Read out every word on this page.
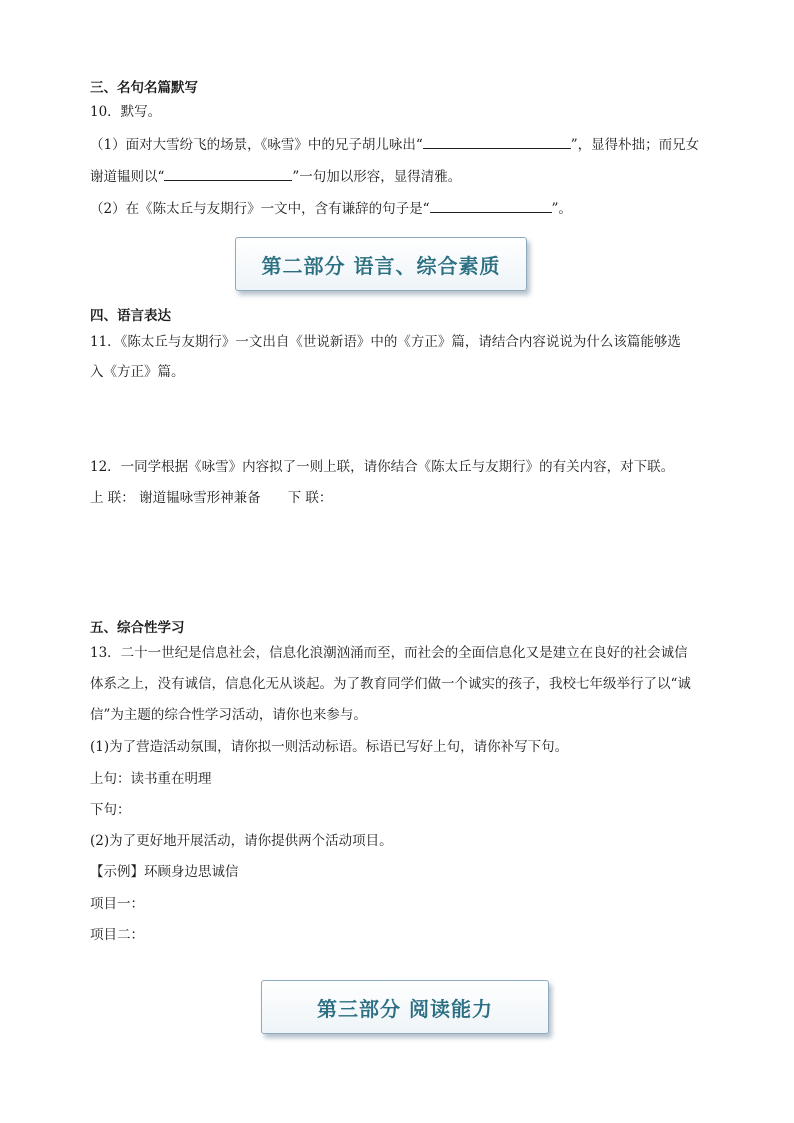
三、名句名篇默写
10．默写。
（1）面对大雪纷飞的场景，《咏雪》中的兄子胡儿咏出“	”，显得朴拙；而兄女
谢道韫则以“	”一句加以形容，显得清雅。
（2）在《陈太丘与友期行》一文中，含有谦辞的句子是“	”。
第二部分 语言、综合素质
四、语言表达
11．《陈太丘与友期行》一文出自《世说新语》中的《方正》篇，请结合内容说说为什么该篇能够选
入《方正》篇。
12．一同学根据《咏雪》内容拟了一则上联，请你结合《陈太丘与友期行》的有关内容，对下联。
上 联： 谢道韫咏雪形神兼备　　下 联：
五、综合性学习
13．二十一世纪是信息社会，信息化浪潮汹涌而至，而社会的全面信息化又是建立在良好的社会诚信
体系之上，没有诚信，信息化无从谈起。为了教育同学们做一个诚实的孩子，我校七年级举行了以“诚
信”为主题的综合性学习活动，请你也来参与。
(1)为了营造活动氛围，请你拟一则活动标语。标语已写好上句，请你补写下句。
上句：读书重在明理
下句：
(2)为了更好地开展活动，请你提供两个活动项目。
【示例】环顾身边思诚信
项目一：
项目二：
第三部分 阅读能力
